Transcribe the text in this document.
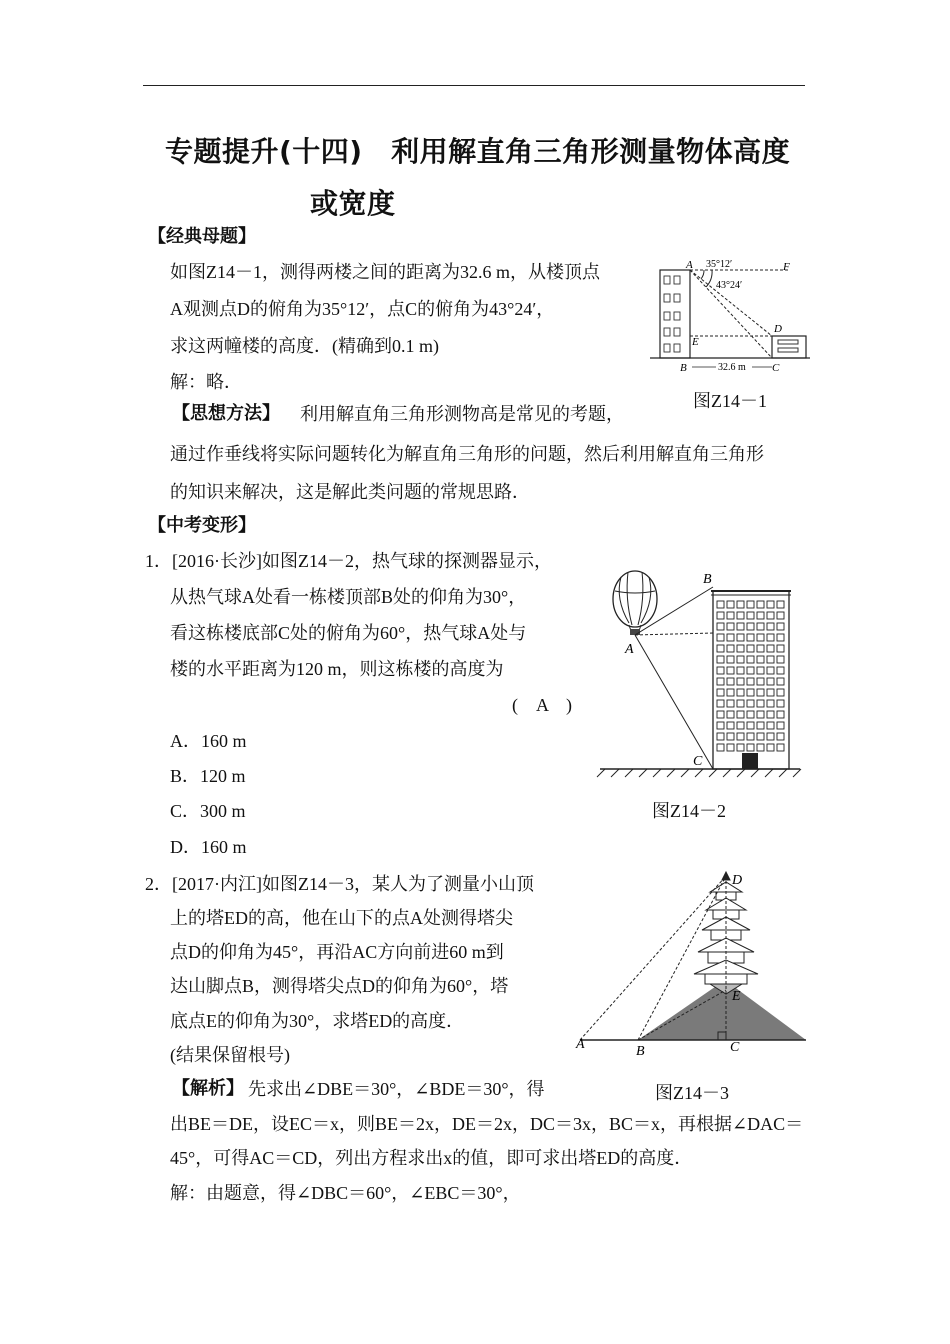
专题提升(十四)　利用解直角三角形测量物体高度
或宽度
【经典母题】
如图Z14－1，测得两楼之间的距离为32.6 m，从楼顶点
A观测点D的俯角为35°12′，点C的俯角为43°24′，
求这两幢楼的高度．(精确到0.1 m)
解：略．
【思想方法】 利用解直角三角形测物高是常见的考题，
通过作垂线将实际问题转化为解直角三角形的问题，然后利用解直角三角形
的知识来解决，这是解此类问题的常规思路．
A	F
D
E
B	C
35°12′
43°24′
32.6 m
图Z14－1
【中考变形】
1．[2016·长沙]如图Z14－2，热气球的探测器显示，
从热气球A处看一栋楼顶部B处的仰角为30°，
看这栋楼底部C处的俯角为60°，热气球A处与
楼的水平距离为120 m，则这栋楼的高度为
(　A　)
A．160 m
B．120 m
C．300 m
D．160 m
A
B
C
图Z14－2
2．[2017·内江]如图Z14－3，某人为了测量小山顶
上的塔ED的高，他在山下的点A处测得塔尖
点D的仰角为45°，再沿AC方向前进60 m到
达山脚点B，测得塔尖点D的仰角为60°，塔
底点E的仰角为30°，求塔ED的高度．
(结果保留根号)
A	B	C
D
E
图Z14－3
【解析】 先求出∠DBE＝30°，∠BDE＝30°，得
出BE＝DE，设EC＝x，则BE＝2x，DE＝2x，DC＝3x，BC＝x，再根据∠DAC＝
45°，可得AC＝CD，列出方程求出x的值，即可求出塔ED的高度．
解：由题意，得∠DBC＝60°，∠EBC＝30°，
